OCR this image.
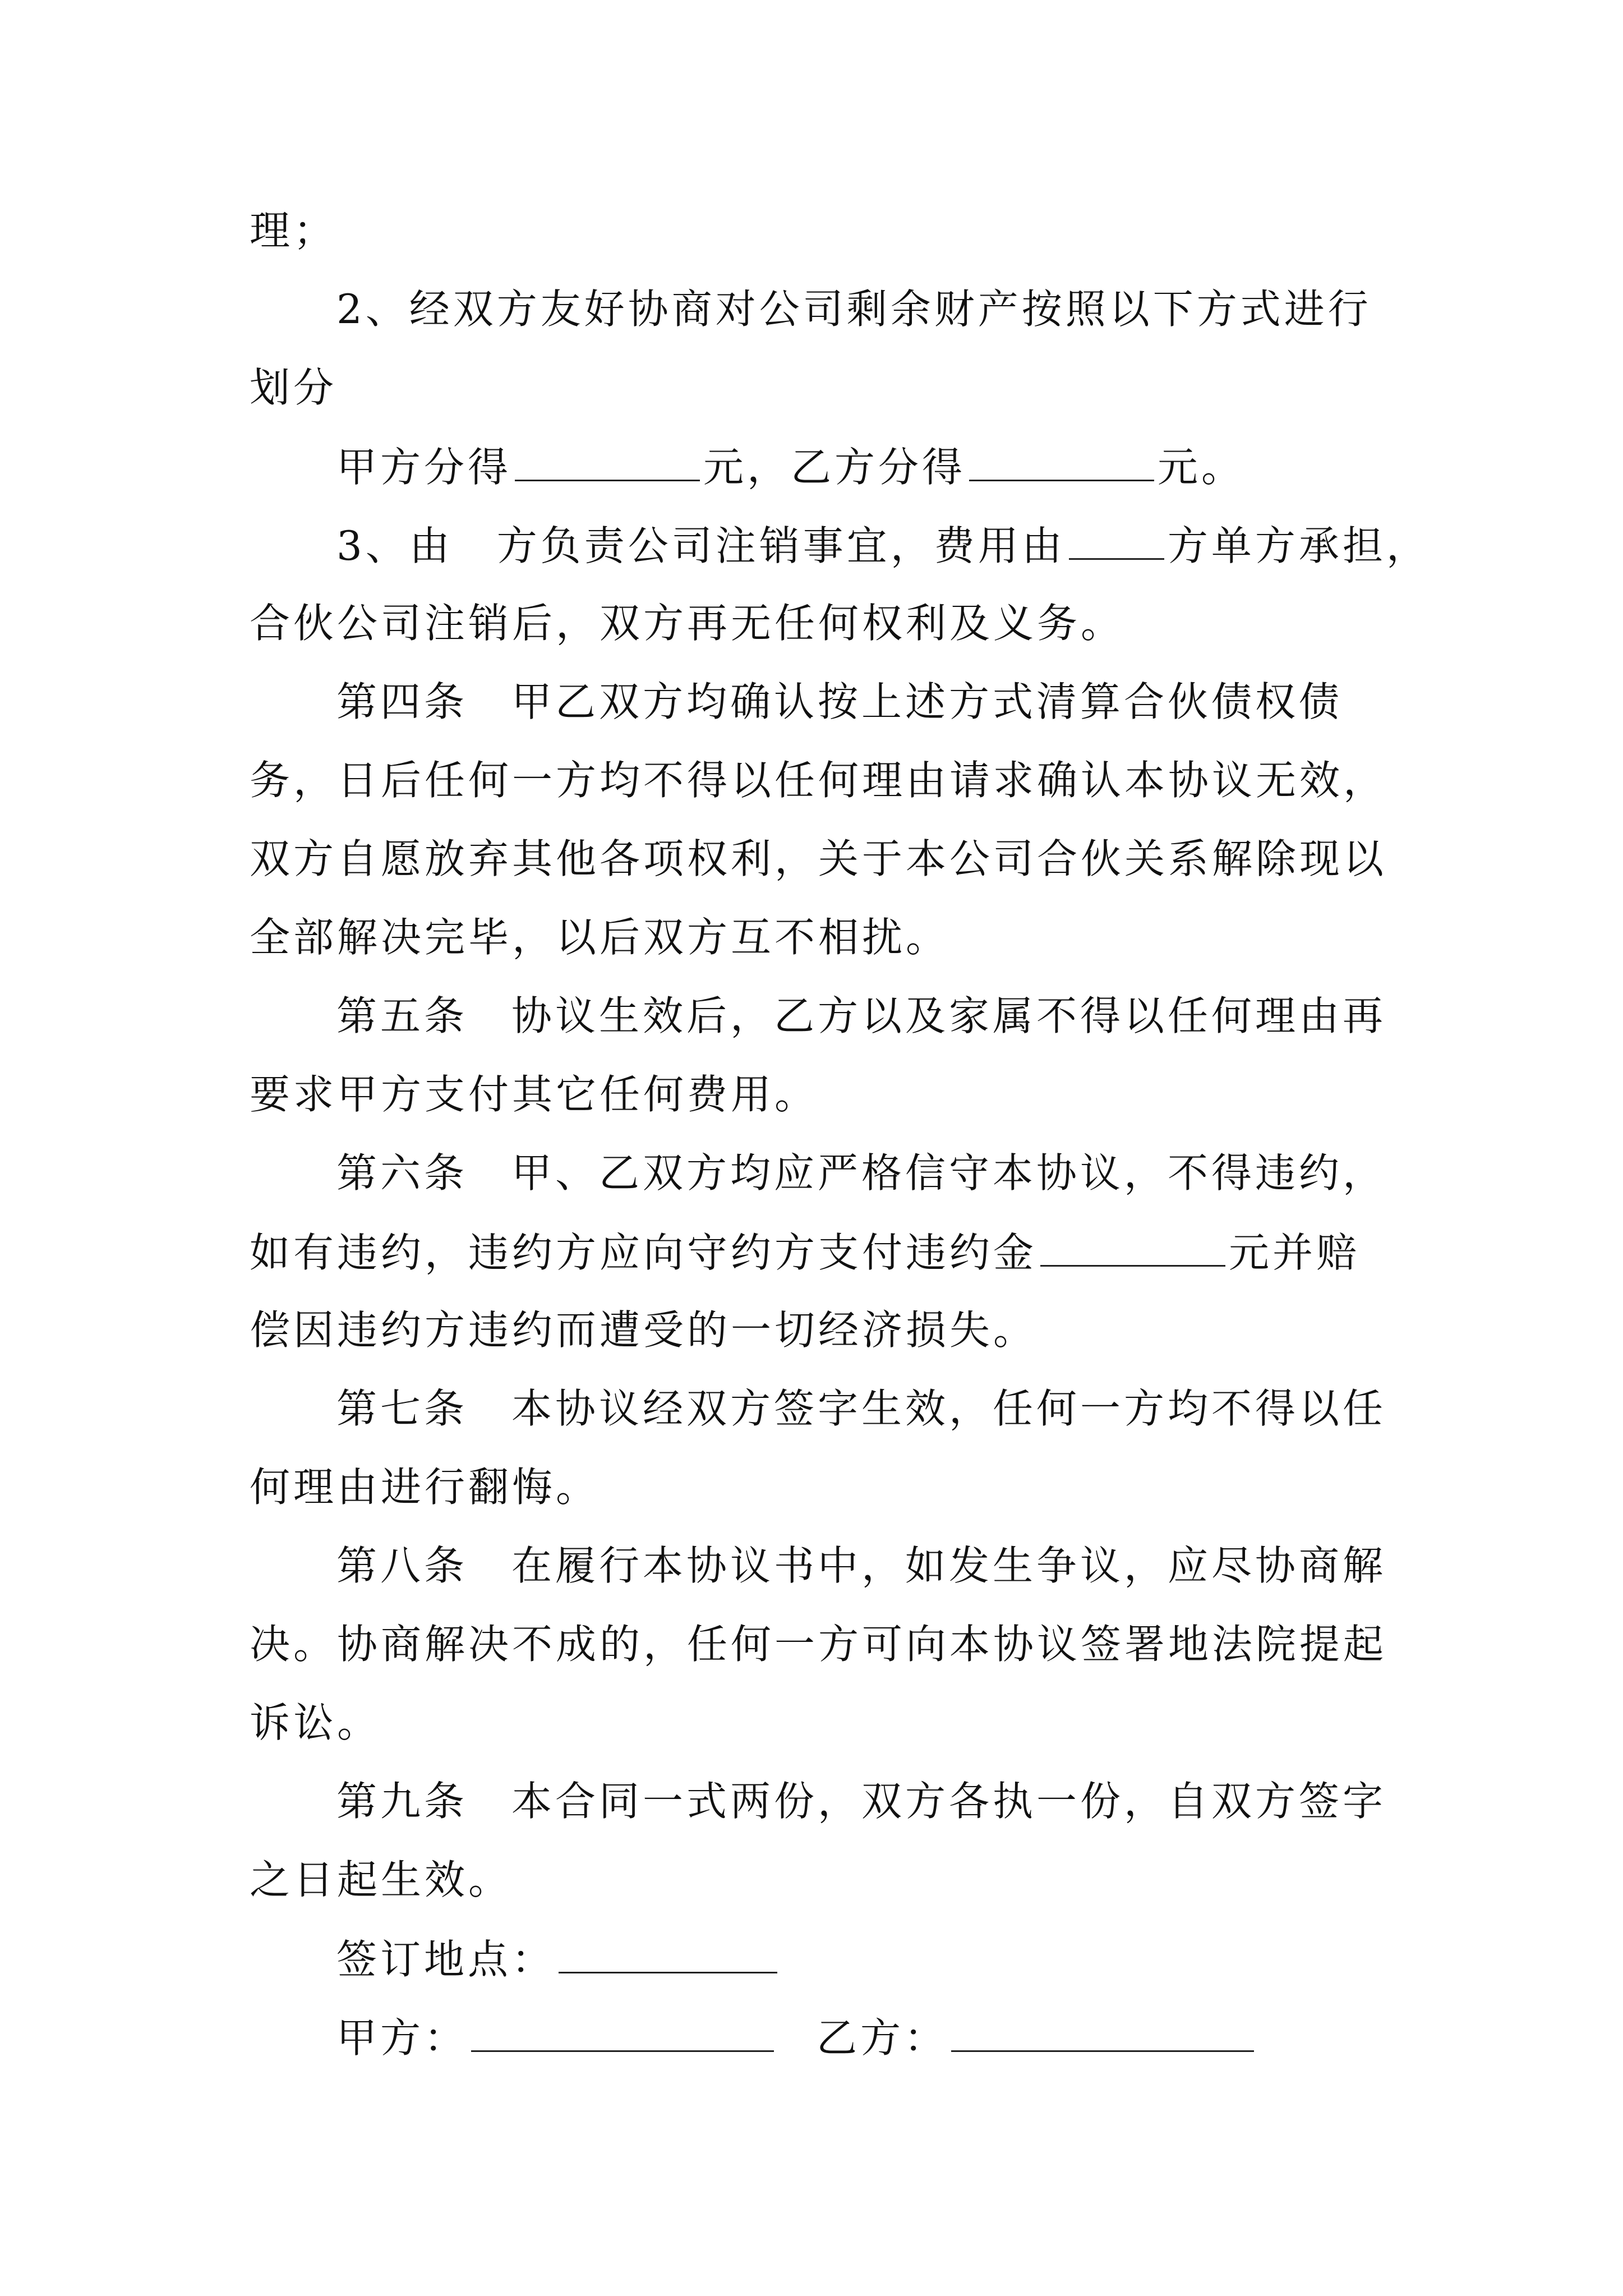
理；
2、经双方友好协商对公司剩余财产按照以下方式进行
划分
甲方分得	元，乙方分得	元。
3、由　方负责公司注销事宜，费用由	方单方承担，
合伙公司注销后，双方再无任何权利及义务。
第四条　甲乙双方均确认按上述方式清算合伙债权债
务，日后任何一方均不得以任何理由请求确认本协议无效，
双方自愿放弃其他各项权利，关于本公司合伙关系解除现以
全部解决完毕，以后双方互不相扰。
第五条　协议生效后，乙方以及家属不得以任何理由再
要求甲方支付其它任何费用。
第六条　甲、乙双方均应严格信守本协议，不得违约，
如有违约，违约方应向守约方支付违约金	元并赔
偿因违约方违约而遭受的一切经济损失。
第七条　本协议经双方签字生效，任何一方均不得以任
何理由进行翻悔。
第八条　在履行本协议书中，如发生争议，应尽协商解
决。协商解决不成的，任何一方可向本协议签署地法院提起
诉讼。
第九条　本合同一式两份，双方各执一份，自双方签字
之日起生效。
签订地点：
甲方：	乙方：
